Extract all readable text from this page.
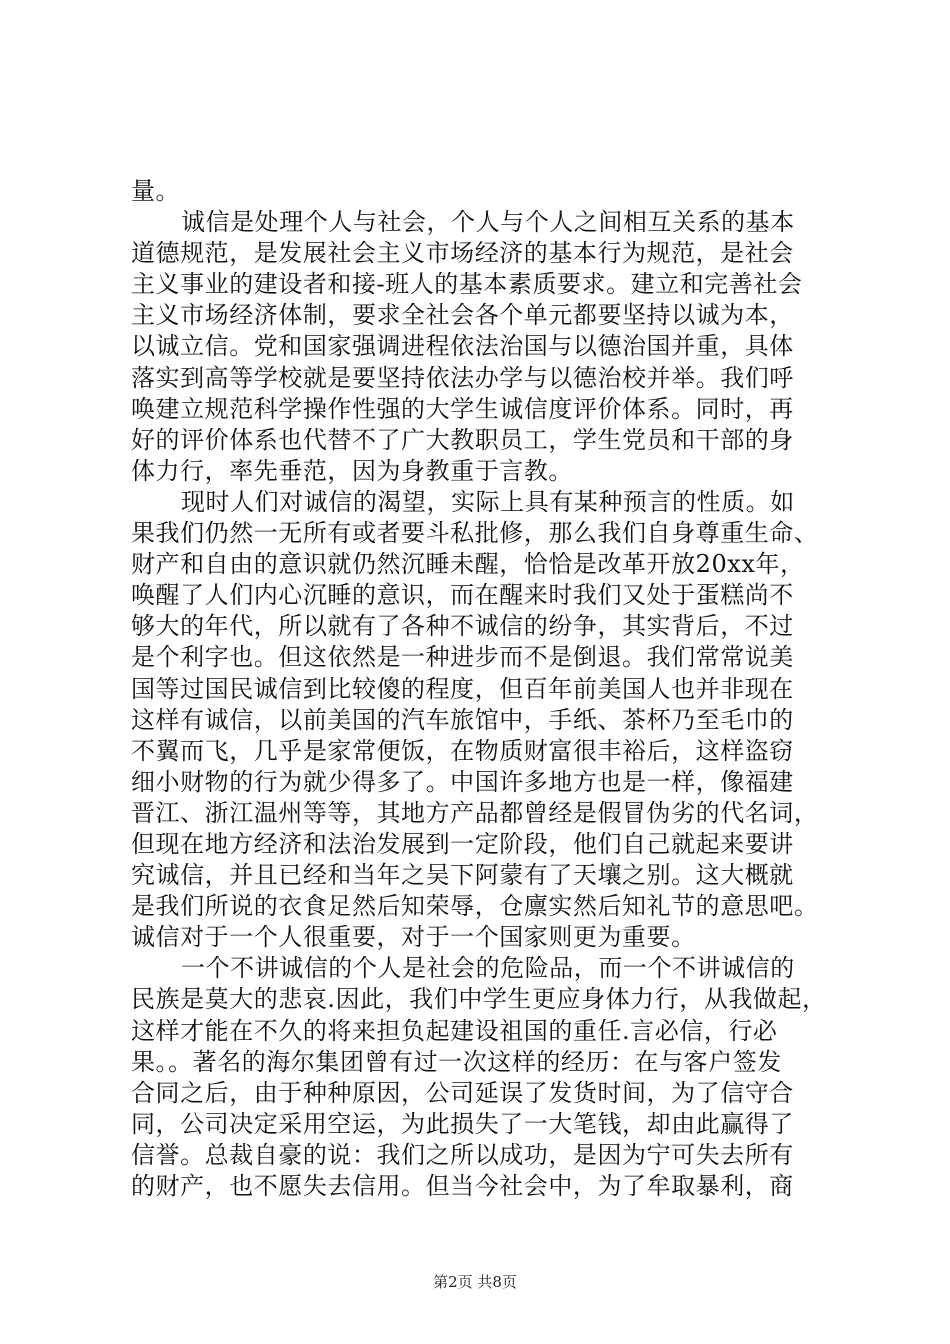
量。
诚信是处理个人与社会，个人与个人之间相互关系的基本
道德规范，是发展社会主义市场经济的基本行为规范，是社会
主义事业的建设者和接-班人的基本素质要求。建立和完善社会
主义市场经济体制，要求全社会各个单元都要坚持以诚为本，
以诚立信。党和国家强调进程依法治国与以德治国并重，具体
落实到高等学校就是要坚持依法办学与以德治校并举。我们呼
唤建立规范科学操作性强的大学生诚信度评价体系。同时，再
好的评价体系也代替不了广大教职员工，学生党员和干部的身
体力行，率先垂范，因为身教重于言教。
现时人们对诚信的渴望，实际上具有某种预言的性质。如
果我们仍然一无所有或者要斗私批修，那么我们自身尊重生命、
财产和自由的意识就仍然沉睡未醒，恰恰是改革开放20xx年，
唤醒了人们内心沉睡的意识，而在醒来时我们又处于蛋糕尚不
够大的年代，所以就有了各种不诚信的纷争，其实背后，不过
是个利字也。但这依然是一种进步而不是倒退。我们常常说美
国等过国民诚信到比较傻的程度，但百年前美国人也并非现在
这样有诚信，以前美国的汽车旅馆中，手纸、茶杯乃至毛巾的
不翼而飞，几乎是家常便饭，在物质财富很丰裕后，这样盗窃
细小财物的行为就少得多了。中国许多地方也是一样，像福建
晋江、浙江温州等等，其地方产品都曾经是假冒伪劣的代名词，
但现在地方经济和法治发展到一定阶段，他们自己就起来要讲
究诚信，并且已经和当年之吴下阿蒙有了天壤之别。这大概就
是我们所说的衣食足然后知荣辱，仓廪实然后知礼节的意思吧。
诚信对于一个人很重要，对于一个国家则更为重要。
一个不讲诚信的个人是社会的危险品，而一个不讲诚信的
民族是莫大的悲哀.因此，我们中学生更应身体力行，从我做起，
这样才能在不久的将来担负起建设祖国的重任.言必信，行必
果。。著名的海尔集团曾有过一次这样的经历：在与客户签发
合同之后，由于种种原因，公司延误了发货时间，为了信守合
同，公司决定采用空运，为此损失了一大笔钱，却由此赢得了
信誉。总裁自豪的说：我们之所以成功，是因为宁可失去所有
的财产，也不愿失去信用。但当今社会中，为了牟取暴利，商
第2页 共8页
